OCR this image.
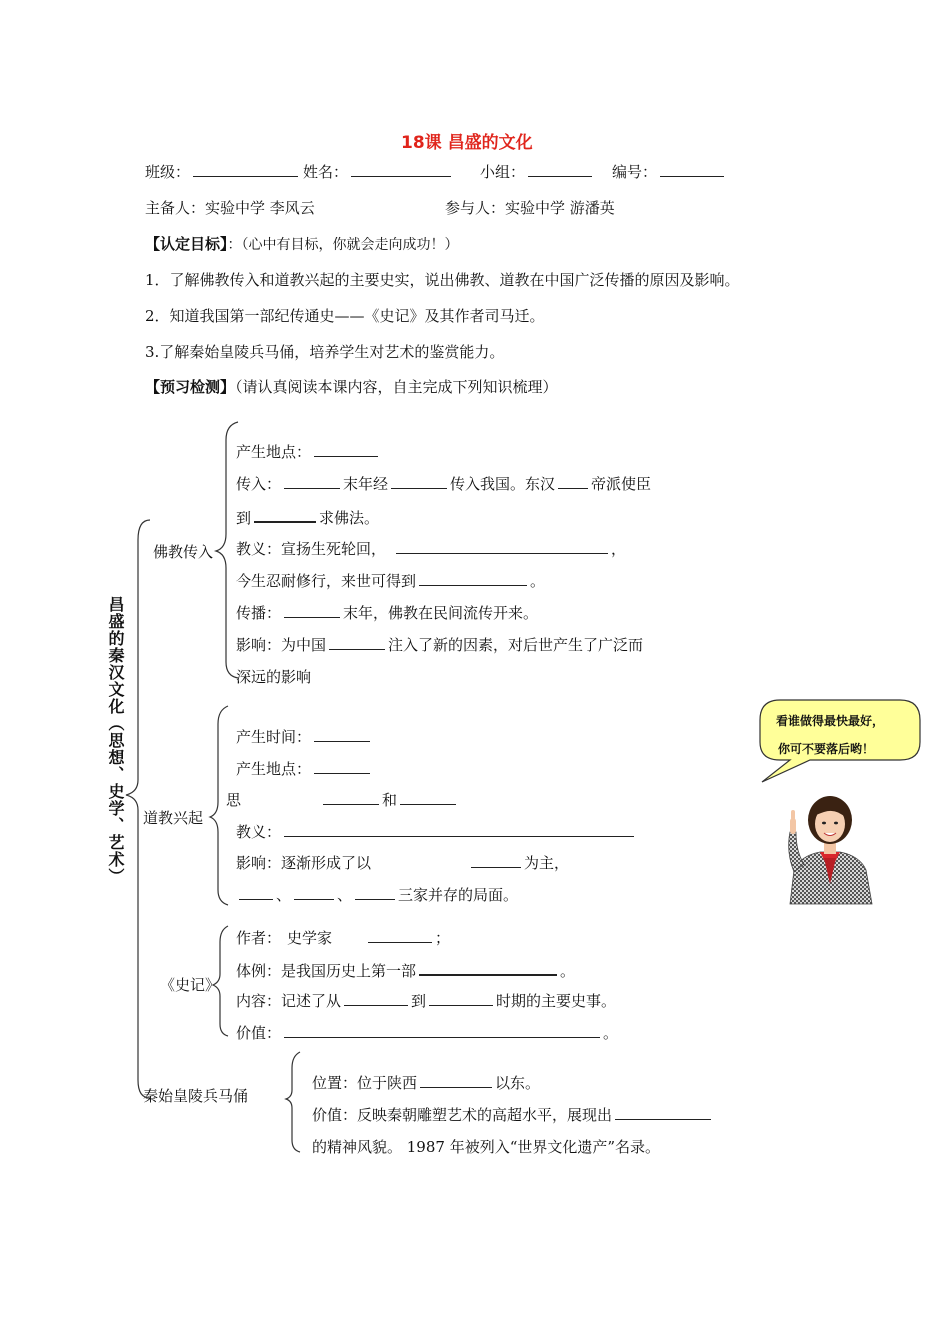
18课 昌盛的文化
班级：	姓名：	小组：	编号：
主备人：实验中学 李风云	参与人：实验中学 游潘英
【认定目标】：（心中有目标，你就会走向成功！）
1．了解佛教传入和道教兴起的主要史实，说出佛教、道教在中国广泛传播的原因及影响。
2．知道我国第一部纪传通史——《史记》及其作者司马迁。
3.了解秦始皇陵兵马俑，培养学生对艺术的鉴赏能力。
【预习检测】（请认真阅读本课内容，自主完成下列知识梳理）
昌盛的秦汉文化（思想、史学、艺术）
佛教传入
产生地点：
传入：	末年经	传入我国。东汉 帝派使臣
到	求佛法。
教义：宣扬生死轮回，	，
今生忍耐修行，来世可得到	。
传播：	末年，佛教在民间流传开来。
影响：为中国	注入了新的因素，对后世产生了广泛而
深远的影响
道教兴起
产生时间：
产生地点：
思	和
教义：
影响：逐渐形成了以	为主，
、	、	三家并存的局面。
《史记》
作者： 史学家	；
体例：是我国历史上第一部	。
内容：记述了从	到	时期的主要史事。
价值：	。
秦始皇陵兵马俑
位置：位于陕西	以东。
价值：反映秦朝雕塑艺术的高超水平，展现出
的精神风貌。 1987 年被列入“世界文化遗产”名录。
看谁做得最快最好，
你可不要落后哟！
